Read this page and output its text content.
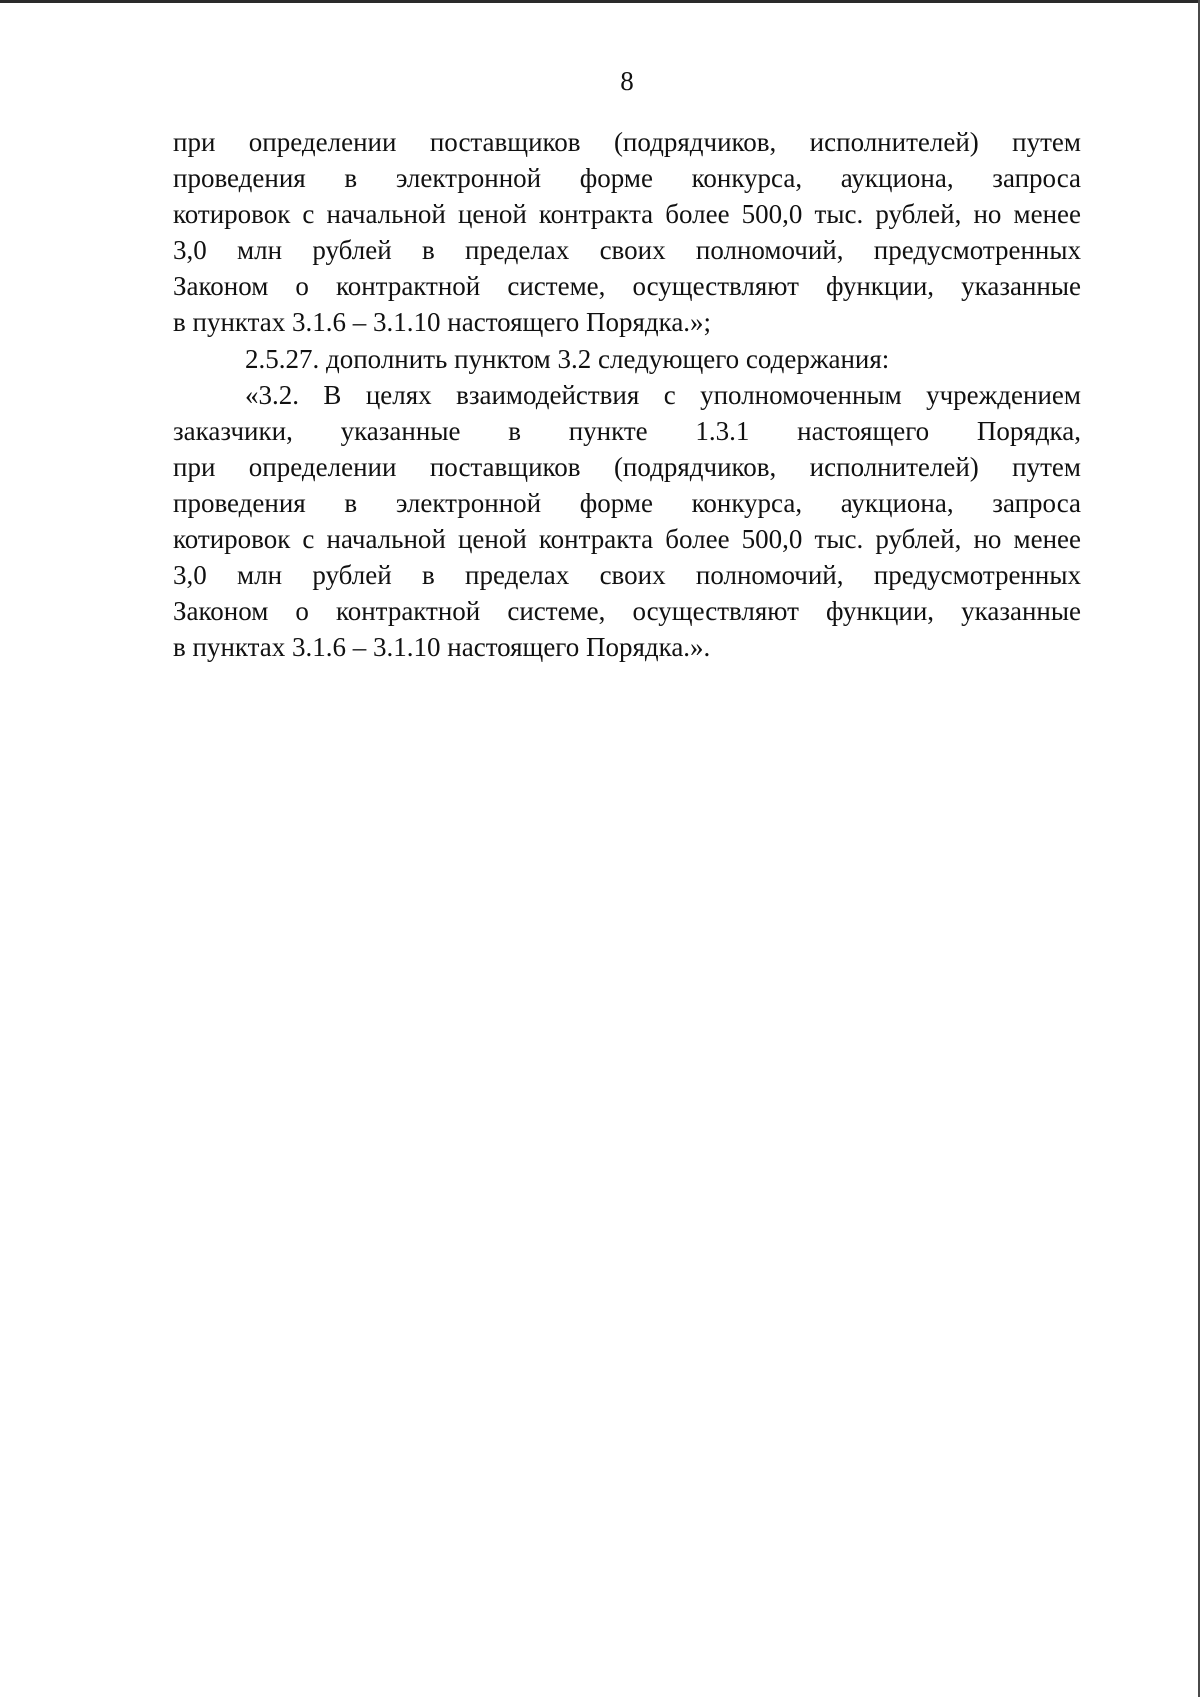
8
при определении поставщиков (подрядчиков, исполнителей) путем
проведения в электронной форме конкурса, аукциона, запроса
котировок с начальной ценой контракта более 500,0 тыс. рублей, но менее
3,0 млн рублей в пределах своих полномочий, предусмотренных
Законом о контрактной системе, осуществляют функции, указанные
в пунктах 3.1.6 – 3.1.10 настоящего Порядка.»;
2.5.27. дополнить пунктом 3.2 следующего содержания:
«3.2. В целях взаимодействия с уполномоченным учреждением
заказчики, указанные в пункте 1.3.1 настоящего Порядка,
при определении поставщиков (подрядчиков, исполнителей) путем
проведения в электронной форме конкурса, аукциона, запроса
котировок с начальной ценой контракта более 500,0 тыс. рублей, но менее
3,0 млн рублей в пределах своих полномочий, предусмотренных
Законом о контрактной системе, осуществляют функции, указанные
в пунктах 3.1.6 – 3.1.10 настоящего Порядка.».
